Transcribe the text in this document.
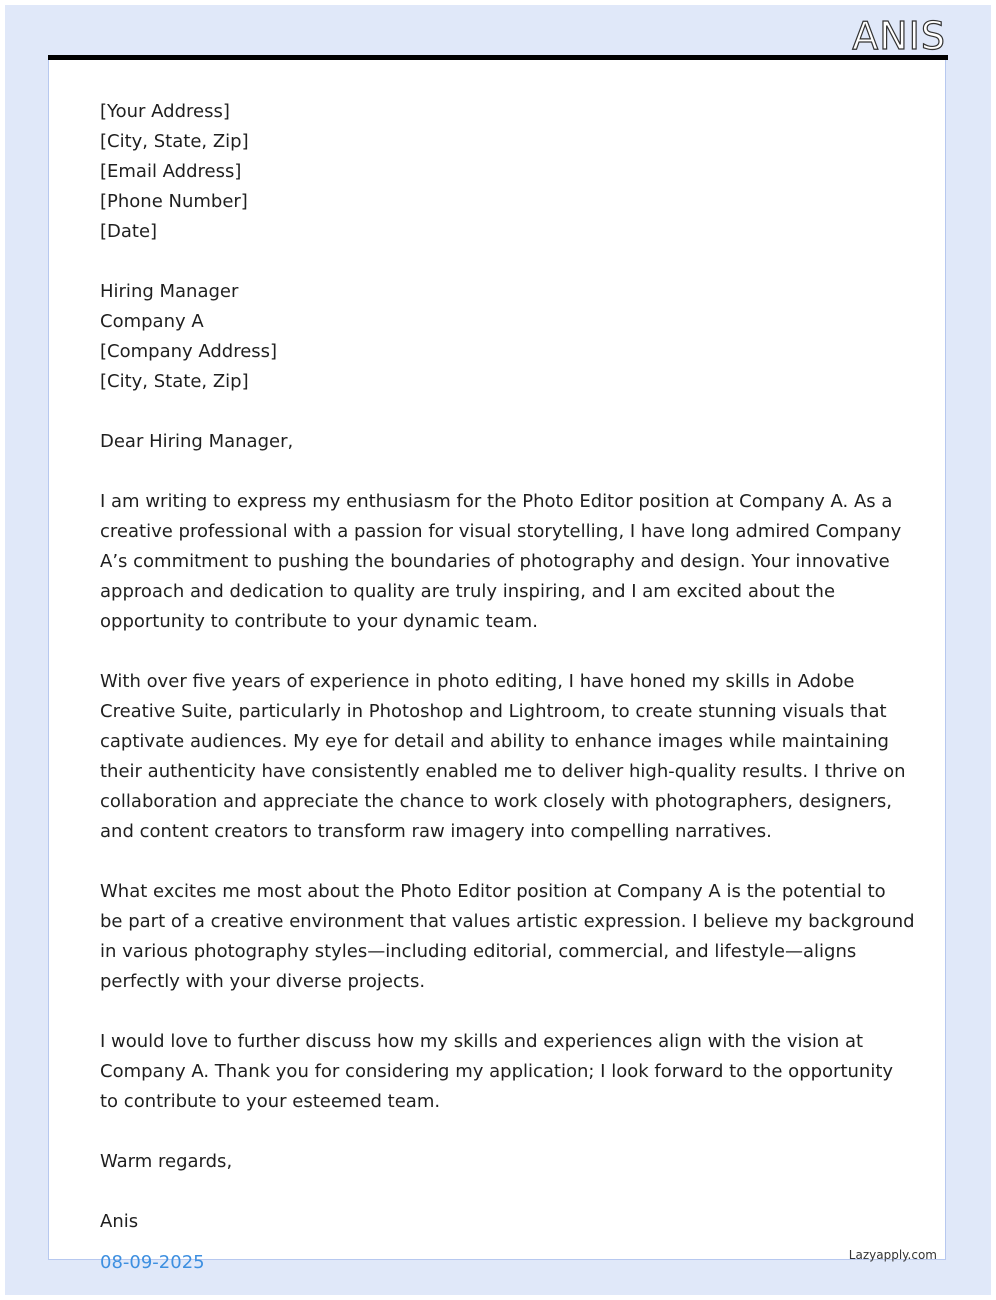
ANIS
[Your Address]
[City, State, Zip]
[Email Address]
[Phone Number]
[Date]
Hiring Manager
Company A
[Company Address]
[City, State, Zip]
Dear Hiring Manager,

I am writing to express my enthusiasm for the Photo Editor position at Company A. As a
creative professional with a passion for visual storytelling, I have long admired Company
A’s commitment to pushing the boundaries of photography and design. Your innovative
approach and dedication to quality are truly inspiring, and I am excited about the
opportunity to contribute to your dynamic team.

With over five years of experience in photo editing, I have honed my skills in Adobe
Creative Suite, particularly in Photoshop and Lightroom, to create stunning visuals that
captivate audiences. My eye for detail and ability to enhance images while maintaining
their authenticity have consistently enabled me to deliver high-quality results. I thrive on
collaboration and appreciate the chance to work closely with photographers, designers,
and content creators to transform raw imagery into compelling narratives.

What excites me most about the Photo Editor position at Company A is the potential to
be part of a creative environment that values artistic expression. I believe my background
in various photography styles—including editorial, commercial, and lifestyle—aligns
perfectly with your diverse projects.

I would love to further discuss how my skills and experiences align with the vision at
Company A. Thank you for considering my application; I look forward to the opportunity
to contribute to your esteemed team.

Warm regards,
Anis
08-09-2025	Lazyapply.com
